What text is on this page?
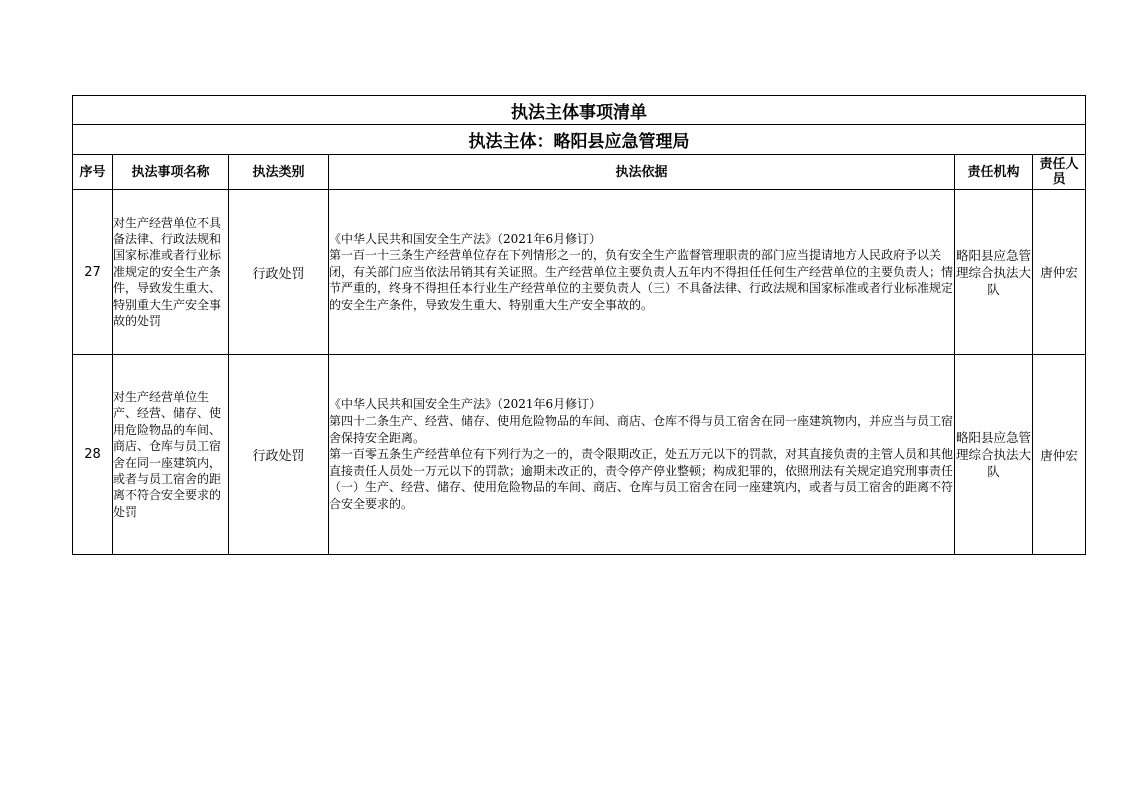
执法主体事项清单					
执法主体：略阳县应急管理局					
序号	执法事项名称	执法类别	执法依据	责任机构	责任人员
27	对生产经营单位不具备法律、行政法规和国家标准或者行业标准规定的安全生产条件，导致发生重大、特别重大生产安全事故的处罚	行政处罚	《中华人民共和国安全生产法》（2021年6月修订）
第一百一十三条生产经营单位存在下列情形之一的，负有安全生产监督管理职责的部门应当提请地方人民政府予以关闭，有关部门应当依法吊销其有关证照。生产经营单位主要负责人五年内不得担任任何生产经营单位的主要负责人；情节严重的，终身不得担任本行业生产经营单位的主要负责人（三）不具备法律、行政法规和国家标准或者行业标准规定的安全生产条件，导致发生重大、特别重大生产安全事故的。	略阳县应急管理综合执法大队	唐仲宏
28	对生产经营单位生产、经营、储存、使用危险物品的车间、商店、仓库与员工宿舍在同一座建筑内，或者与员工宿舍的距离不符合安全要求的处罚	行政处罚	《中华人民共和国安全生产法》（2021年6月修订）
第四十二条生产、经营、储存、使用危险物品的车间、商店、仓库不得与员工宿舍在同一座建筑物内，并应当与员工宿舍保持安全距离。
第一百零五条生产经营单位有下列行为之一的，责令限期改正，处五万元以下的罚款，对其直接负责的主管人员和其他直接责任人员处一万元以下的罚款；逾期未改正的，责令停产停业整顿；构成犯罪的，依照刑法有关规定追究刑事责任（一）生产、经营、储存、使用危险物品的车间、商店、仓库与员工宿舍在同一座建筑内，或者与员工宿舍的距离不符合安全要求的。	略阳县应急管理综合执法大队	唐仲宏
